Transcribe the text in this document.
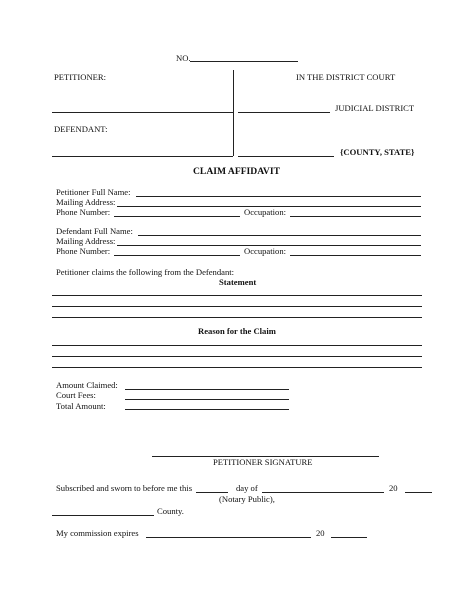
NO.
PETITIONER:	IN THE DISTRICT COURT
JUDICIAL DISTRICT
DEFENDANT:
{COUNTY, STATE}
CLAIM AFFIDAVIT
Petitioner Full Name:
Mailing Address:
Phone Number:	Occupation:
Defendant Full Name:
Mailing Address:
Phone Number:	Occupation:
Petitioner claims the following from the Defendant:
Statement
Reason for the Claim
Amount Claimed:
Court Fees:
Total Amount:
PETITIONER SIGNATURE
Subscribed and sworn to before me this	day of	20
(Notary Public),
County.
My commission expires	20
